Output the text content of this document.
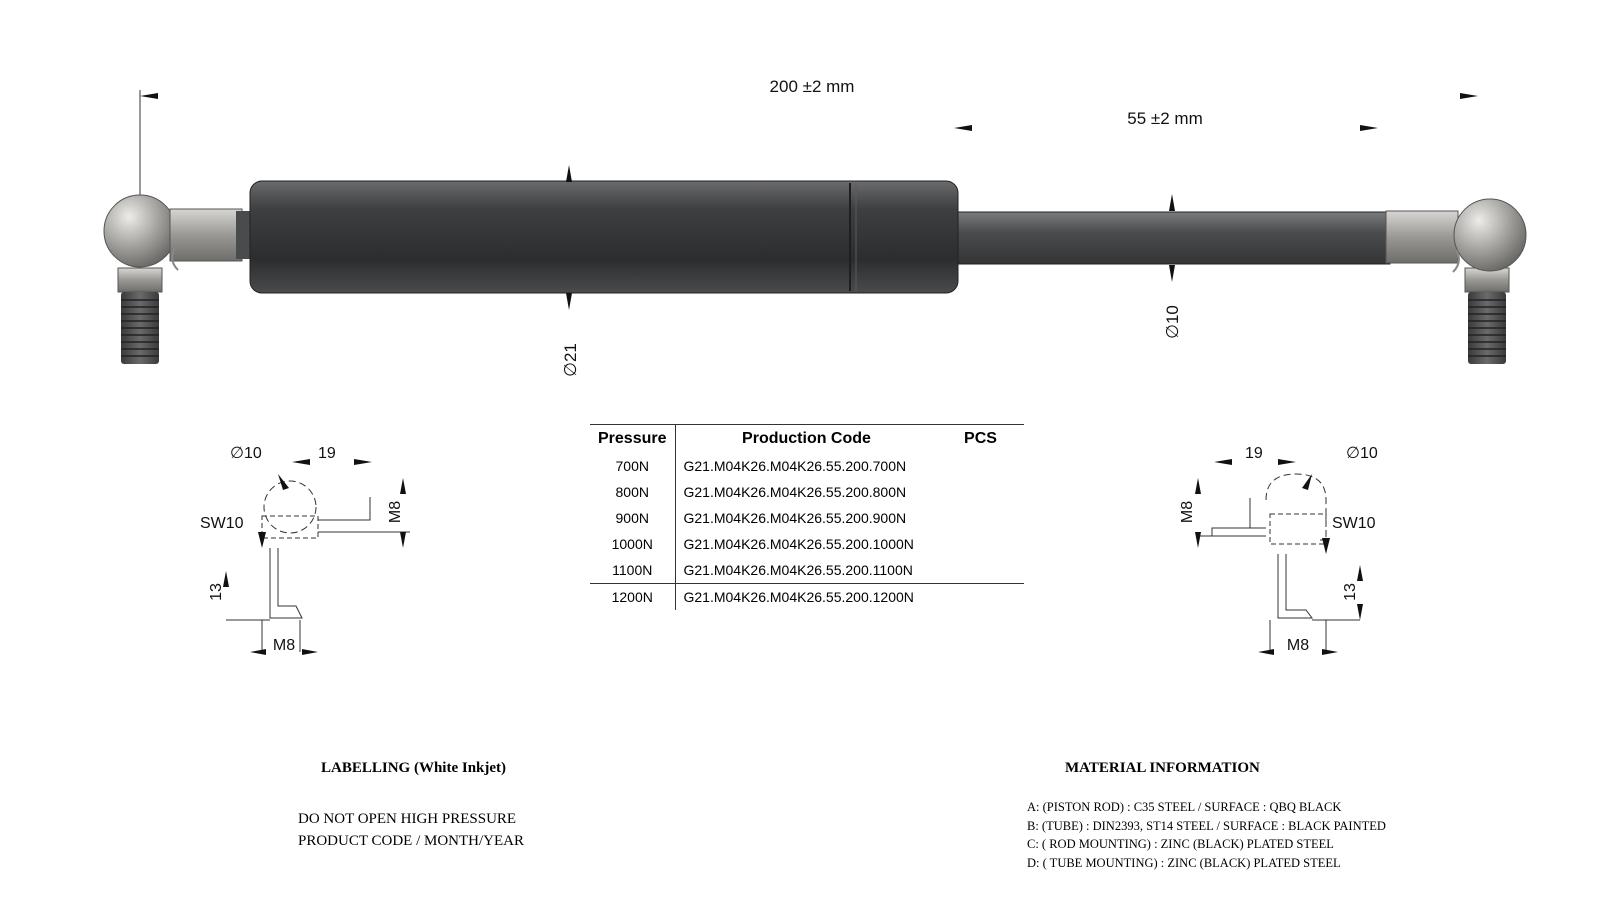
200 ±2 mm
55 ±2 mm
∅21
∅10
∅10	19
SW10
M8
13
M8
19	∅10
SW10
M8
13
M8
Pressure	Production Code	PCS
700N	G21.M04K26.M04K26.55.200.700N	
800N	G21.M04K26.M04K26.55.200.800N	
900N	G21.M04K26.M04K26.55.200.900N	
1000N	G21.M04K26.M04K26.55.200.1000N	
1100N	G21.M04K26.M04K26.55.200.1100N	
1200N	G21.M04K26.M04K26.55.200.1200N	
LABELLING (White Inkjet)
DO NOT OPEN HIGH PRESSURE
PRODUCT CODE / MONTH/YEAR
MATERIAL INFORMATION
A: (PISTON ROD) : C35 STEEL / SURFACE : QBQ BLACK
B: (TUBE) : DIN2393, ST14 STEEL / SURFACE : BLACK PAINTED
C: ( ROD MOUNTING) : ZINC (BLACK) PLATED STEEL
D: ( TUBE MOUNTING) : ZINC (BLACK) PLATED STEEL
